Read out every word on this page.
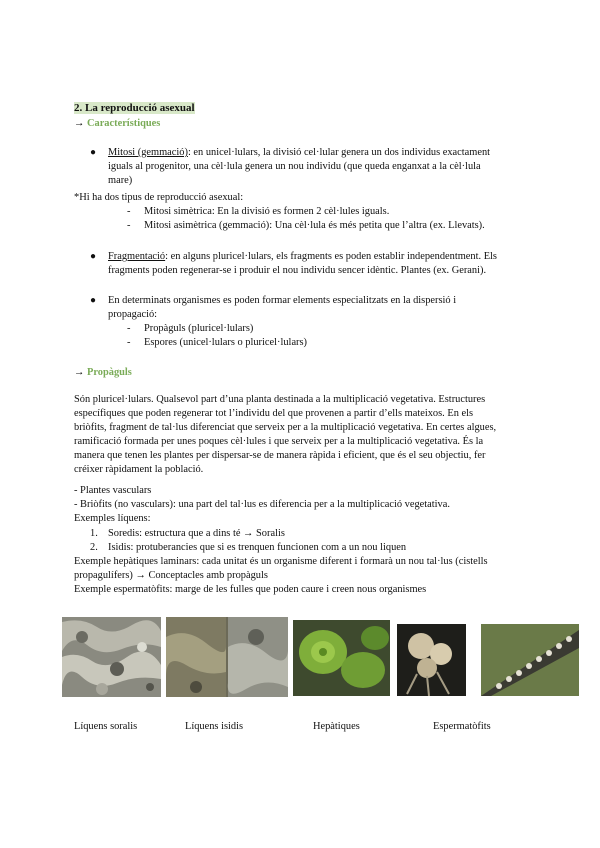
2. La reproducció asexual
→ Característiques
● Mitosi (gemmació): en unicel·lulars, la divisió cel·lular genera un dos individus exactament
iguals al progenitor, una cèl·lula genera un nou individu (que queda enganxat a la cèl·lula
mare)
*Hi ha dos tipus de reproducció asexual:
- Mitosi simètrica: En la divisió es formen 2 cèl·lules iguals.
- Mitosi asimètrica (gemmació): Una cèl·lula és més petita que l’altra (ex. Llevats).
● Fragmentació: en alguns pluricel·lulars, els fragments es poden establir independentment. Els
fragments poden regenerar-se i produir el nou individu sencer idèntic. Plantes (ex. Gerani).
● En determinats organismes es poden formar elements especialitzats en la dispersió i
propagació:
- Propàguls (pluricel·lulars)
- Espores (unicel·lulars o pluricel·lulars)
→ Propàguls
Són pluricel·lulars. Qualsevol part d’una planta destinada a la multiplicació vegetativa. Estructures
específiques que poden regenerar tot l’individu del que provenen a partir d’ells mateixos. En els
briòfits, fragment de tal·lus diferenciat que serveix per a la multiplicació vegetativa. En certes algues,
ramificació formada per unes poques cèl·lules i que serveix per a la multiplicació vegetativa. És la
manera que tenen les plantes per dispersar-se de manera ràpida i eficient, que és el seu objectiu, fer
créixer ràpidament la població.
- Plantes vasculars
- Briòfits (no vasculars): una part del tal·lus es diferencia per a la multiplicació vegetativa.
Exemples líquens:
1. Soredis: estructura que a dins té → Soralis
2. Isidis: protuberancies que si es trenquen funcionen com a un nou liquen
Exemple hepàtiques laminars: cada unitat és un organisme diferent i formarà un nou tal·lus (cistells
propagulífers) → Conceptacles amb propàguls
Exemple espermatòfits: marge de les fulles que poden caure i creen nous organismes
Líquens soralis	Líquens isidis	Hepàtiques	Espermatòfits
